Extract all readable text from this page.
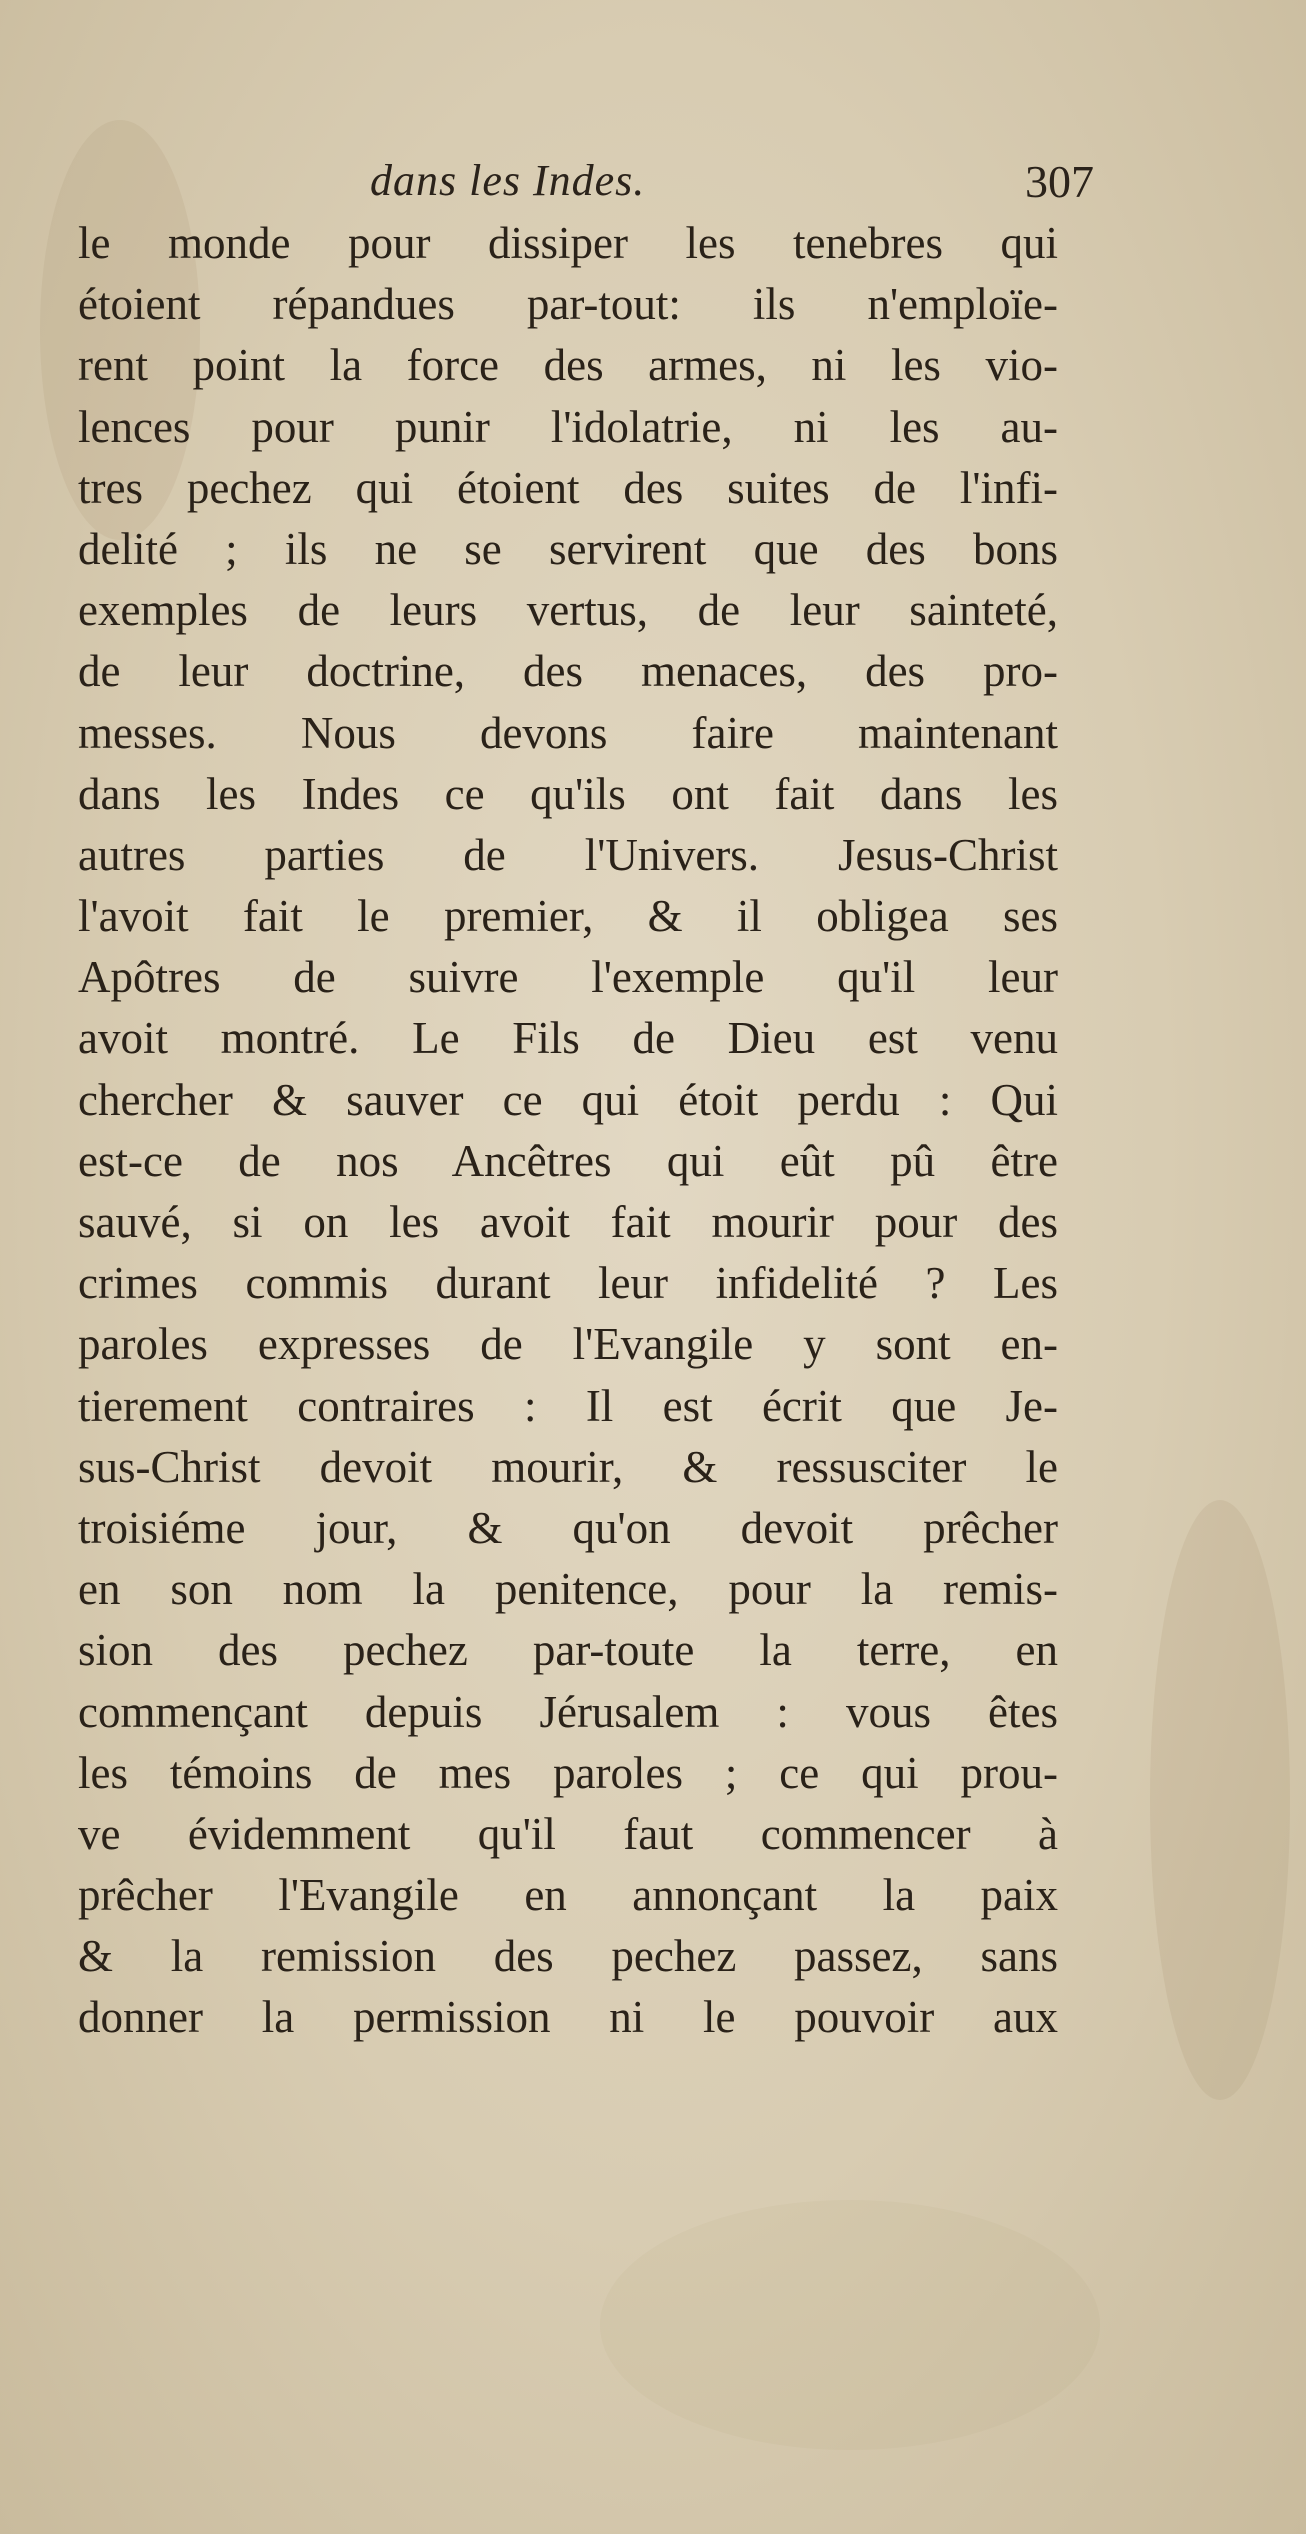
dans les Indes.	307
le monde pour dissiper les tenebres qui
étoient répandues par-tout: ils n'emploïe-
rent point la force des armes, ni les vio-
lences pour punir l'idolatrie, ni les au-
tres pechez qui étoient des suites de l'infi-
delité ; ils ne se servirent que des bons
exemples de leurs vertus, de leur sainteté,
de leur doctrine, des menaces, des pro-
messes. Nous devons faire maintenant
dans les Indes ce qu'ils ont fait dans les
autres parties de l'Univers. Jesus-Christ
l'avoit fait le premier, & il obligea ses
Apôtres de suivre l'exemple qu'il leur
avoit montré. Le Fils de Dieu est venu
chercher & sauver ce qui étoit perdu : Qui
est-ce de nos Ancêtres qui eût pû être
sauvé, si on les avoit fait mourir pour des
crimes commis durant leur infidelité ? Les
paroles expresses de l'Evangile y sont en-
tierement contraires : Il est écrit que Je-
sus-Christ devoit mourir, & ressusciter le
troisiéme jour, & qu'on devoit prêcher
en son nom la penitence, pour la remis-
sion des pechez par-toute la terre, en
commençant depuis Jérusalem : vous êtes
les témoins de mes paroles ; ce qui prou-
ve évidemment qu'il faut commencer à
prêcher l'Evangile en annonçant la paix
& la remission des pechez passez, sans
donner la permission ni le pouvoir aux
